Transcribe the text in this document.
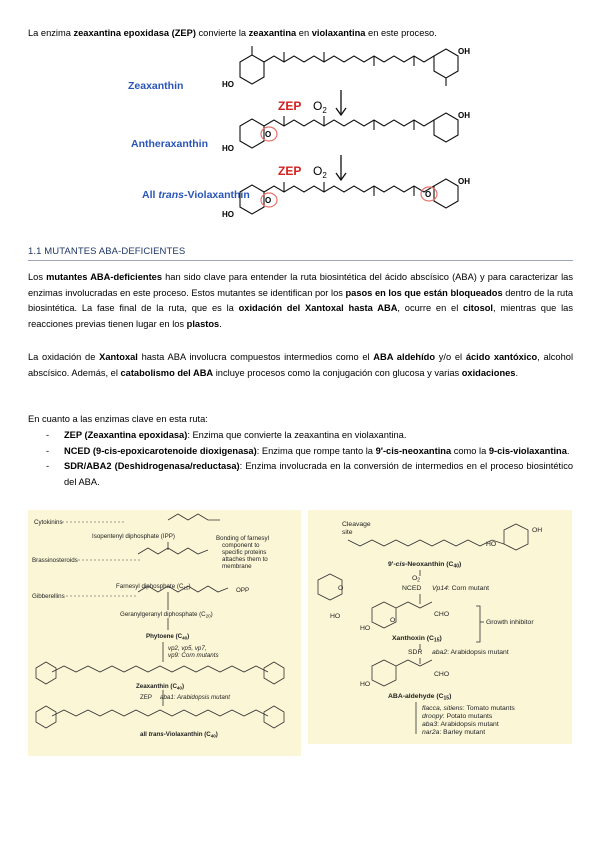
La enzima zeaxantina epoxidasa (ZEP) convierte la zeaxantina en violaxantina en este proceso.
Zeaxanthin
Antheraxanthin
All trans-Violaxanthin
HO
OH
ZEP $O_2$
O
HO
OH
ZEP $O_2$
O
O
HO
OH
1.1 MUTANTES ABA-DEFICIENTES
Los mutantes ABA-deficientes han sido clave para entender la ruta biosintética del ácido abscísico (ABA) y para caracterizar las enzimas involucradas en este proceso. Estos mutantes se identifican por los pasos en los que están bloqueados dentro de la ruta biosintética. La fase final de la ruta, que es la oxidación del Xantoxal hasta ABA, ocurre en el citosol, mientras que las reacciones previas tienen lugar en los plastos.
La oxidación de Xantoxal hasta ABA involucra compuestos intermedios como el ABA aldehído y/o el ácido xantóxico, alcohol abscísico. Además, el catabolismo del ABA incluye procesos como la conjugación con glucosa y varias oxidaciones.
En cuanto a las enzimas clave en esta ruta:
- ZEP (Zeaxantina epoxidasa): Enzima que convierte la zeaxantina en violaxantina.
- NCED (9-cis-epoxicarotenoide dioxigenasa): Enzima que rompe tanto la 9'-cis-neoxantina como la 9-cis-violaxantina.
- SDR/ABA2 (Deshidrogenasa/reductasa): Enzima involucrada en la conversión de intermedios en el proceso biosintético del ABA.
Cytokinins
Isopentenyl diphosphate (IPP)	Bonding of farnesyl
component to
specific proteins
attaches them to
membrane
Brassinosteroids
Farnesyl diphosphate $(C_{15})$
Gibberellins
OPP
Geranylgeranyl diphosphate $(C_{20})$
Phytoene $(C_{40})$
vp2, vp5, vp7,
vp9: Corn mutants
Zeaxanthin $(C_{40})$
ZEP aba1: Arabidopsis mutant
all trans-Violaxanthin $(C_{40})$
Cleavage
site	OH
HO
HO
O
9'-cis-Neoxanthin $(C_{40})$
$O_2$
NCED Vp14: Corn mutant
O
HO
CHO
Xanthoxin $(C_{15})$
Growth inhibitor
SDR aba2: Arabidopsis mutant
HO
CHO
ABA-aldehyde $(C_{15})$
flacca, sitiens: Tomato mutants
droopy: Potato mutants
aba3: Arabidopsis mutant
nar2a: Barley mutant
